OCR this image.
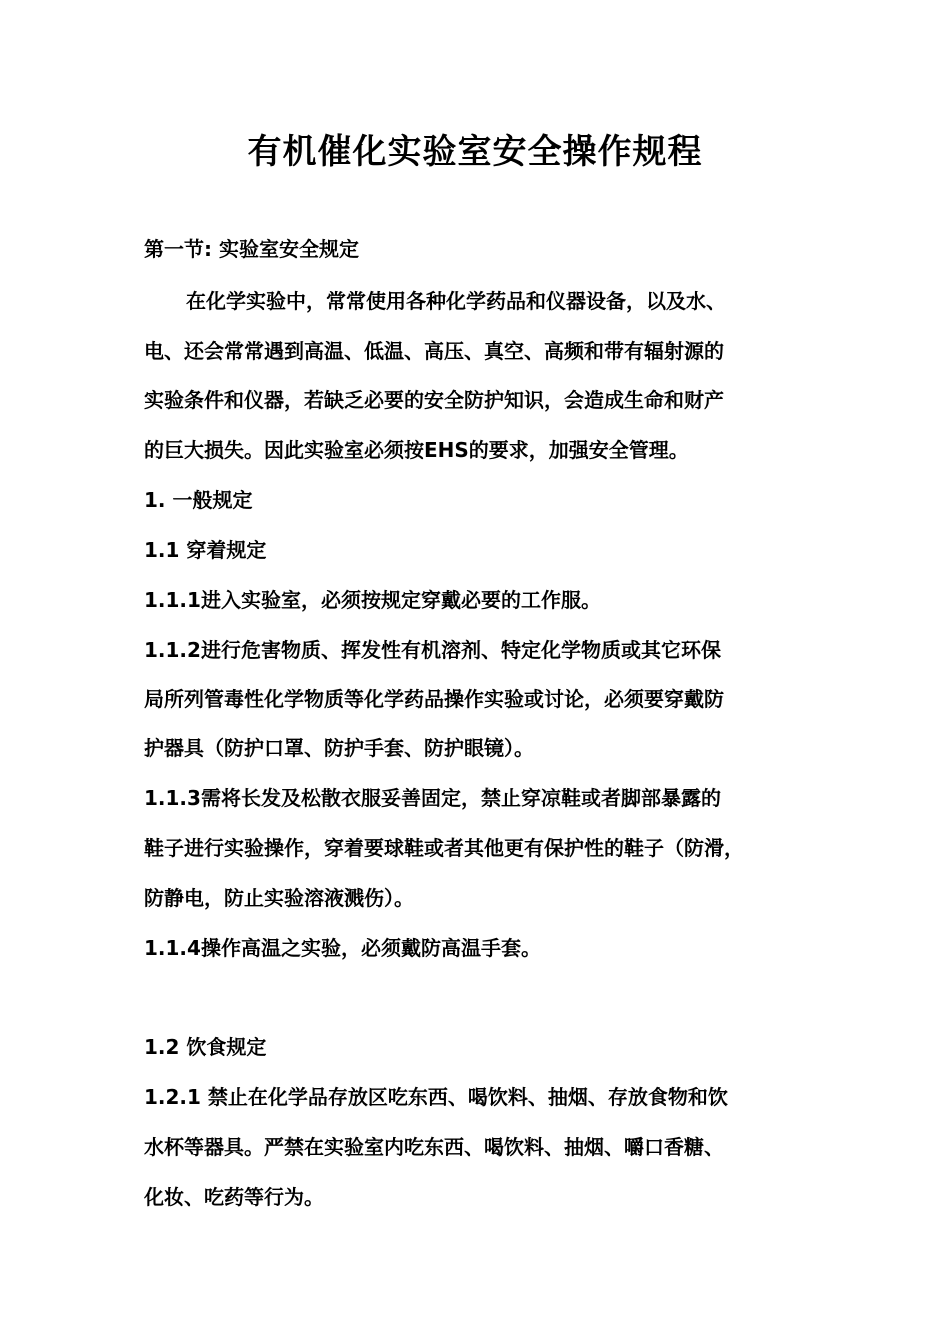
有机催化实验室安全操作规程
第一节: 实验室安全规定
在化学实验中，常常使用各种化学药品和仪器设备，以及水、
电、还会常常遇到高温、低温、高压、真空、高频和带有辐射源的
实验条件和仪器，若缺乏必要的安全防护知识，会造成生命和财产
的巨大损失。因此实验室必须按EHS的要求，加强安全管理。
1. 一般规定
1.1 穿着规定
1.1.1进入实验室，必须按规定穿戴必要的工作服。
1.1.2进行危害物质、挥发性有机溶剂、特定化学物质或其它环保
局所列管毒性化学物质等化学药品操作实验或讨论，必须要穿戴防
护器具（防护口罩、防护手套、防护眼镜）。
1.1.3需将长发及松散衣服妥善固定，禁止穿凉鞋或者脚部暴露的
鞋子进行实验操作，穿着要球鞋或者其他更有保护性的鞋子（防滑，
防静电，防止实验溶液溅伤）。
1.1.4操作高温之实验，必须戴防高温手套。
1.2 饮食规定
1.2.1 禁止在化学品存放区吃东西、喝饮料、抽烟、存放食物和饮
水杯等器具。严禁在实验室内吃东西、喝饮料、抽烟、嚼口香糖、
化妆、吃药等行为。
